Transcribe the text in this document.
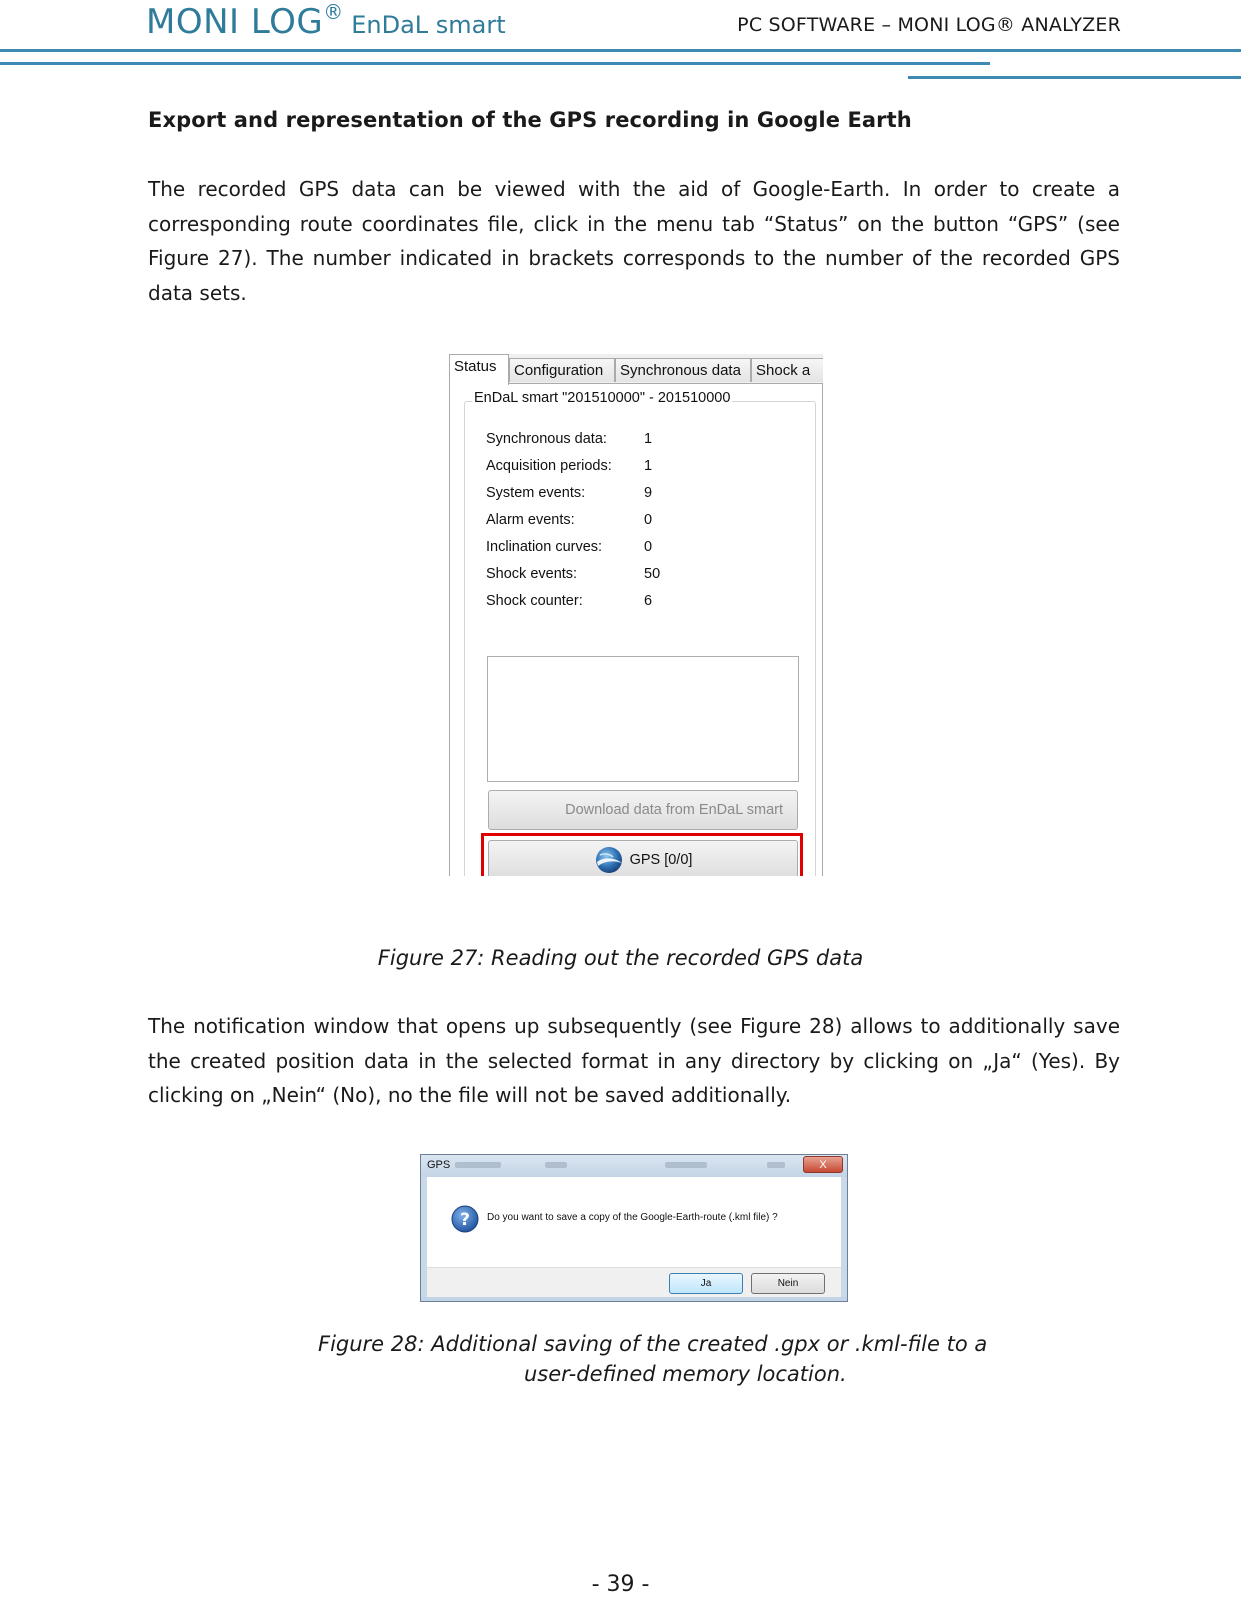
MONI LOG® EnDaL smart	PC SOFTWARE – MONI LOG® ANALYZER
Export and representation of the GPS recording in Google Earth
The recorded GPS data can be viewed with the aid of Google-Earth. In order to create a corresponding route coordinates file, click in the menu tab “Status” on the button “GPS” (see Figure 27). The number indicated in brackets corresponds to the number of the recorded GPS data sets.
Status	Configuration	Synchronous data	Shock a
EnDaL smart "201510000" - 201510000
Synchronous data:	1
Acquisition periods: 1
System events:	9
Alarm events:	0
Inclination curves:	0
Shock events:	50
Shock counter:	6
Download data from EnDaL smart
GPS [0/0]
Figure 27: Reading out the recorded GPS data
The notification window that opens up subsequently (see Figure 28) allows to additionally save the created position data in the selected format in any directory by clicking on „Ja“ (Yes). By clicking on „Nein“ (No), no the file will not be saved additionally.
GPS	X
? Do you want to save a copy of the Google-Earth-route (.kml file) ?
Ja	Nein
Figure 28: Additional saving of the created .gpx or .kml-file to a
user-defined memory location.
- 39 -
